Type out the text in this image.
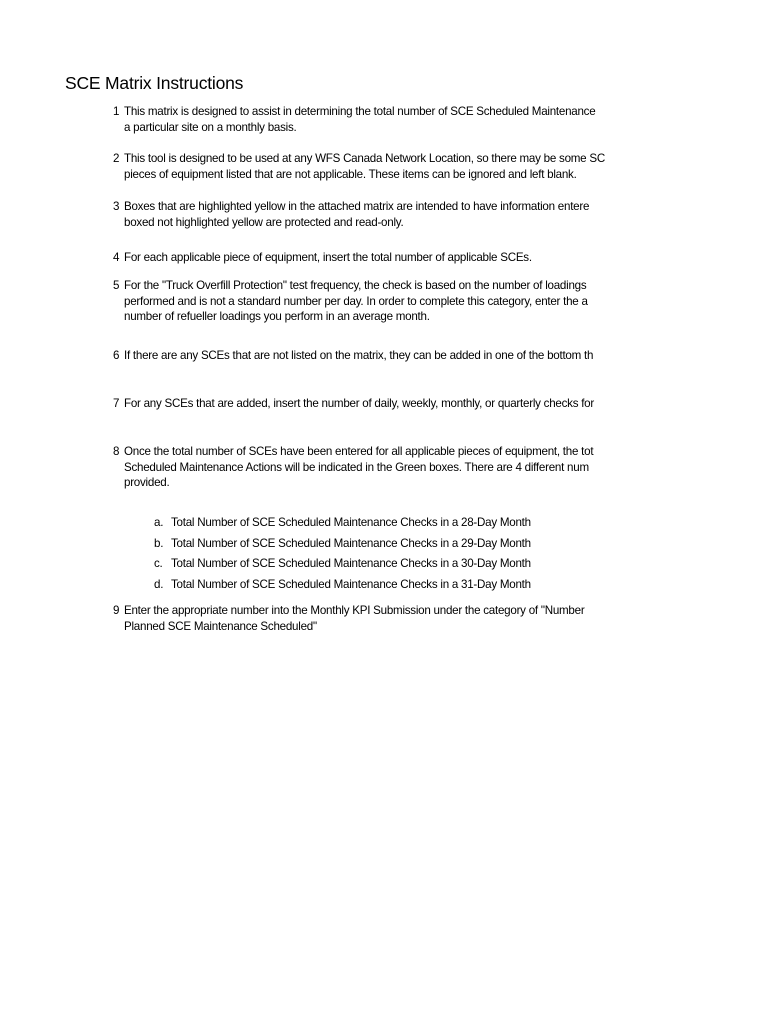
SCE Matrix Instructions
1 This matrix is designed to assist in determining the total number of SCE Scheduled Maintenance
a particular site on a monthly basis.
2 This tool is designed to be used at any WFS Canada Network Location, so there may be some SC
pieces of equipment listed that are not applicable. These items can be ignored and left blank.
3 Boxes that are highlighted yellow in the attached matrix are intended to have information entere
boxed not highlighted yellow are protected and read-only.
4 For each applicable piece of equipment, insert the total number of applicable SCEs.
5 For the "Truck Overfill Protection" test frequency, the check is based on the number of loadings
performed and is not a standard number per day. In order to complete this category, enter the a
number of refueller loadings you perform in an average month.
6 If there are any SCEs that are not listed on the matrix, they can be added in one of the bottom th
7 For any SCEs that are added, insert the number of daily, weekly, monthly, or quarterly checks for
8 Once the total number of SCEs have been entered for all applicable pieces of equipment, the tot
Scheduled Maintenance Actions will be indicated in the Green boxes. There are 4 different num
provided.
a. Total Number of SCE Scheduled Maintenance Checks in a 28-Day Month
b. Total Number of SCE Scheduled Maintenance Checks in a 29-Day Month
c. Total Number of SCE Scheduled Maintenance Checks in a 30-Day Month
d. Total Number of SCE Scheduled Maintenance Checks in a 31-Day Month
9 Enter the appropriate number into the Monthly KPI Submission under the category of "Number
Planned SCE Maintenance Scheduled"
